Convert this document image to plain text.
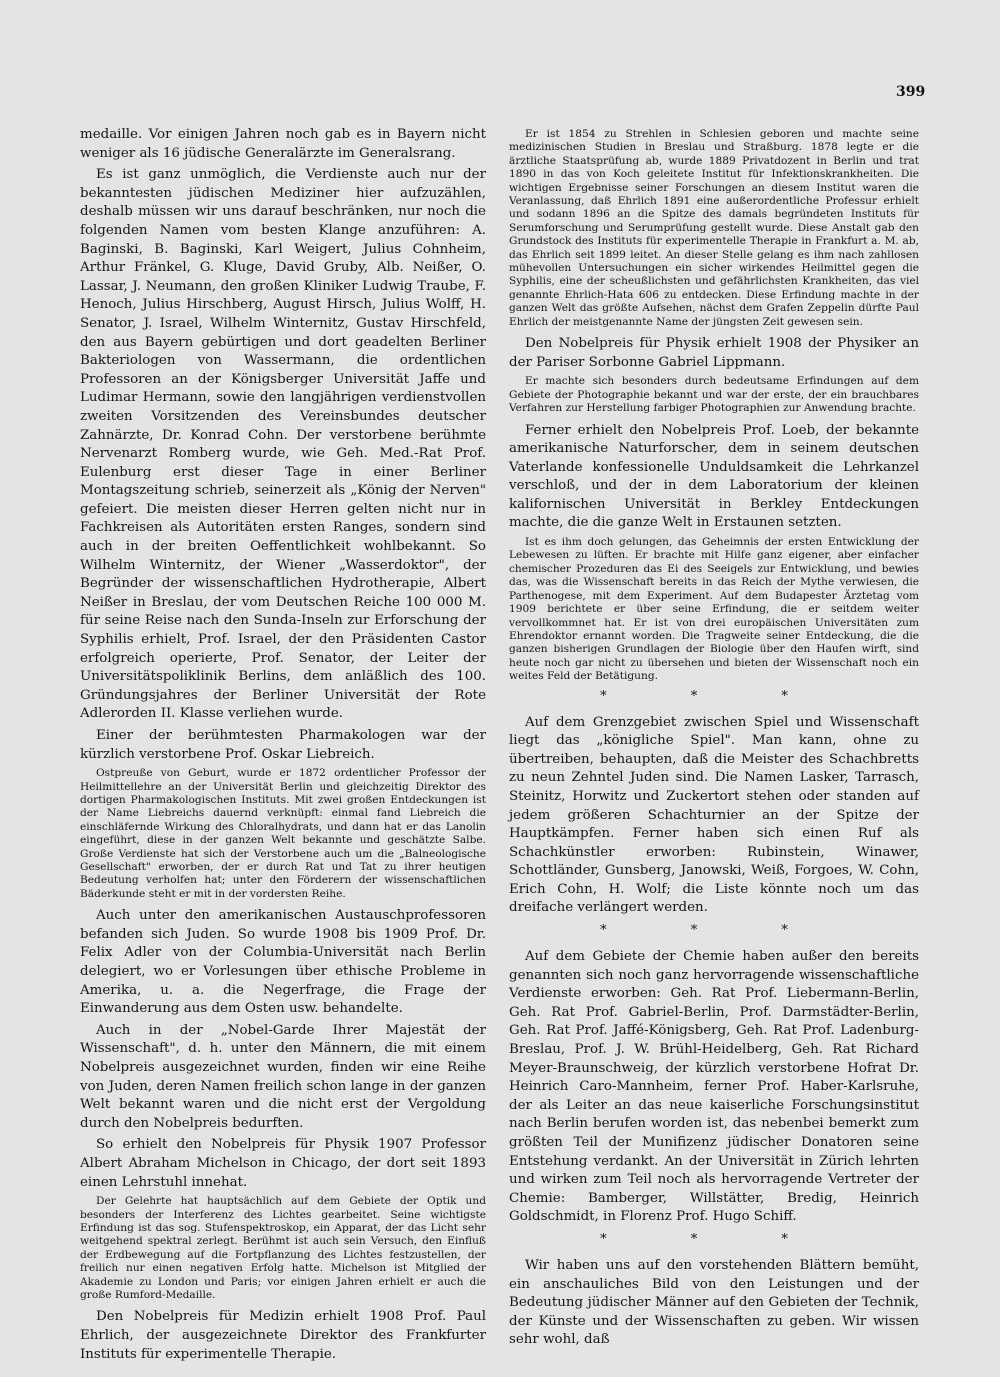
399

medaille. Vor einigen Jahren noch gab es in Bayern nicht weniger als 16 jüdische Generalärzte im Generalsrang.

Es ist ganz unmöglich, die Verdienste auch nur der bekanntesten jüdischen Mediziner hier aufzuzählen, deshalb müssen wir uns darauf beschränken, nur noch die folgenden Namen vom besten Klange anzuführen: A. Baginski, B. Baginski, Karl Weigert, Julius Cohnheim, Arthur Fränkel, G. Kluge, David Gruby, Alb. Neißer, O. Lassar, J. Neumann, den großen Kliniker Ludwig Traube, F. Henoch, Julius Hirschberg, August Hirsch, Julius Wolff, H. Senator, J. Israel, Wilhelm Winternitz, Gustav Hirschfeld, den aus Bayern gebürtigen und dort geadelten Berliner Bakteriologen von Wassermann, die ordentlichen Professoren an der Königsberger Universität Jaffe und Ludimar Hermann, sowie den langjährigen verdienstvollen zweiten Vorsitzenden des Vereinsbundes deutscher Zahnärzte, Dr. Konrad Cohn. Der verstorbene berühmte Nervenarzt Romberg wurde, wie Geh. Med.-Rat Prof. Eulenburg erst dieser Tage in einer Berliner Montagszeitung schrieb, seinerzeit als „König der Nerven" gefeiert. Die meisten dieser Herren gelten nicht nur in Fachkreisen als Autoritäten ersten Ranges, sondern sind auch in der breiten Oeffentlichkeit wohlbekannt. So Wilhelm Winternitz, der Wiener „Wasserdoktor", der Begründer der wissenschaftlichen Hydrotherapie, Albert Neißer in Breslau, der vom Deutschen Reiche 100 000 M. für seine Reise nach den Sunda-Inseln zur Erforschung der Syphilis erhielt, Prof. Israel, der den Präsidenten Castor erfolgreich operierte, Prof. Senator, der Leiter der Universitätspoliklinik Berlins, dem anläßlich des 100. Gründungsjahres der Berliner Universität der Rote Adlerorden II. Klasse verliehen wurde.

Einer der berühmtesten Pharmakologen war der kürzlich verstorbene Prof. Oskar Liebreich.

Ostpreuße von Geburt, wurde er 1872 ordentlicher Professor der Heilmittellehre an der Universität Berlin und gleichzeitig Direktor des dortigen Pharmakologischen Instituts. Mit zwei großen Entdeckungen ist der Name Liebreichs dauernd verknüpft: einmal fand Liebreich die einschläfernde Wirkung des Chloralhydrats, und dann hat er das Lanolin eingeführt, diese in der ganzen Welt bekannte und geschätzte Salbe. Große Verdienste hat sich der Verstorbene auch um die „Balneologische Gesellschaft" erworben, der er durch Rat und Tat zu ihrer heutigen Bedeutung verholfen hat; unter den Förderern der wissenschaftlichen Bäderkunde steht er mit in der vordersten Reihe.

Auch unter den amerikanischen Austauschprofessoren befanden sich Juden. So wurde 1908 bis 1909 Prof. Dr. Felix Adler von der Columbia-Universität nach Berlin delegiert, wo er Vorlesungen über ethische Probleme in Amerika, u. a. die Negerfrage, die Frage der Einwanderung aus dem Osten usw. behandelte.

Auch in der „Nobel-Garde Ihrer Majestät der Wissenschaft", d. h. unter den Männern, die mit einem Nobelpreis ausgezeichnet wurden, finden wir eine Reihe von Juden, deren Namen freilich schon lange in der ganzen Welt bekannt waren und die nicht erst der Vergoldung durch den Nobelpreis bedurften.

So erhielt den Nobelpreis für Physik 1907 Professor Albert Abraham Michelson in Chicago, der dort seit 1893 einen Lehrstuhl innehat.

Der Gelehrte hat hauptsächlich auf dem Gebiete der Optik und besonders der Interferenz des Lichtes gearbeitet. Seine wichtigste Erfindung ist das sog. Stufenspektroskop, ein Apparat, der das Licht sehr weitgehend spektral zerlegt. Berühmt ist auch sein Versuch, den Einfluß der Erdbewegung auf die Fortpflanzung des Lichtes festzustellen, der freilich nur einen negativen Erfolg hatte. Michelson ist Mitglied der Akademie zu London und Paris; vor einigen Jahren erhielt er auch die große Rumford-Medaille.

Den Nobelpreis für Medizin erhielt 1908 Prof. Paul Ehrlich, der ausgezeichnete Direktor des Frankfurter Instituts für experimentelle Therapie.

Er ist 1854 zu Strehlen in Schlesien geboren und machte seine medizinischen Studien in Breslau und Straßburg. 1878 legte er die ärztliche Staatsprüfung ab, wurde 1889 Privatdozent in Berlin und trat 1890 in das von Koch geleitete Institut für Infektionskrankheiten. Die wichtigen Ergebnisse seiner Forschungen an diesem Institut waren die Veranlassung, daß Ehrlich 1891 eine außerordentliche Professur erhielt und sodann 1896 an die Spitze des damals begründeten Instituts für Serumforschung und Serumprüfung gestellt wurde. Diese Anstalt gab den Grundstock des Instituts für experimentelle Therapie in Frankfurt a. M. ab, das Ehrlich seit 1899 leitet. An dieser Stelle gelang es ihm nach zahllosen mühevollen Untersuchungen ein sicher wirkendes Heilmittel gegen die Syphilis, eine der scheußlichsten und gefährlichsten Krankheiten, das viel genannte Ehrlich-Hata 606 zu entdecken. Diese Erfindung machte in der ganzen Welt das größte Aufsehen, nächst dem Grafen Zeppelin dürfte Paul Ehrlich der meistgenannte Name der jüngsten Zeit gewesen sein.

Den Nobelpreis für Physik erhielt 1908 der Physiker an der Pariser Sorbonne Gabriel Lippmann.

Er machte sich besonders durch bedeutsame Erfindungen auf dem Gebiete der Photographie bekannt und war der erste, der ein brauchbares Verfahren zur Herstellung farbiger Photographien zur Anwendung brachte.

Ferner erhielt den Nobelpreis Prof. Loeb, der bekannte amerikanische Naturforscher, dem in seinem deutschen Vaterlande konfessionelle Unduldsamkeit die Lehrkanzel verschloß, und der in dem Laboratorium der kleinen kalifornischen Universität in Berkley Entdeckungen machte, die die ganze Welt in Erstaunen setzten.

Ist es ihm doch gelungen, das Geheimnis der ersten Entwicklung der Lebewesen zu lüften. Er brachte mit Hilfe ganz eigener, aber einfacher chemischer Prozeduren das Ei des Seeigels zur Entwicklung, und bewies das, was die Wissenschaft bereits in das Reich der Mythe verwiesen, die Parthenogese, mit dem Experiment. Auf dem Budapester Ärztetag vom 1909 berichtete er über seine Erfindung, die er seitdem weiter vervollkommnet hat. Er ist von drei europäischen Universitäten zum Ehrendoktor ernannt worden. Die Tragweite seiner Entdeckung, die die ganzen bisherigen Grundlagen der Biologie über den Haufen wirft, sind heute noch gar nicht zu übersehen und bieten der Wissenschaft noch ein weites Feld der Betätigung.

* * *

Auf dem Grenzgebiet zwischen Spiel und Wissenschaft liegt das „königliche Spiel". Man kann, ohne zu übertreiben, behaupten, daß die Meister des Schachbretts zu neun Zehntel Juden sind. Die Namen Lasker, Tarrasch, Steinitz, Horwitz und Zuckertort stehen oder standen auf jedem größeren Schachturnier an der Spitze der Hauptkämpfen. Ferner haben sich einen Ruf als Schachkünstler erworben: Rubinstein, Winawer, Schottländer, Gunsberg, Janowski, Weiß, Forgoes, W. Cohn, Erich Cohn, H. Wolf; die Liste könnte noch um das dreifache verlängert werden.

* * *

Auf dem Gebiete der Chemie haben außer den bereits genannten sich noch ganz hervorragende wissenschaftliche Verdienste erworben: Geh. Rat Prof. Liebermann-Berlin, Geh. Rat Prof. Gabriel-Berlin, Prof. Darmstädter-Berlin, Geh. Rat Prof. Jaffé-Königsberg, Geh. Rat Prof. Ladenburg-Breslau, Prof. J. W. Brühl-Heidelberg, Geh. Rat Richard Meyer-Braunschweig, der kürzlich verstorbene Hofrat Dr. Heinrich Caro-Mannheim, ferner Prof. Haber-Karlsruhe, der als Leiter an das neue kaiserliche Forschungsinstitut nach Berlin berufen worden ist, das nebenbei bemerkt zum größten Teil der Munifizenz jüdischer Donatoren seine Entstehung verdankt. An der Universität in Zürich lehrten und wirken zum Teil noch als hervorragende Vertreter der Chemie: Bamberger, Willstätter, Bredig, Heinrich Goldschmidt, in Florenz Prof. Hugo Schiff.

* * *

Wir haben uns auf den vorstehenden Blättern bemüht, ein anschauliches Bild von den Leistungen und der Bedeutung jüdischer Männer auf den Gebieten der Technik, der Künste und der Wissenschaften zu geben. Wir wissen sehr wohl, daß
